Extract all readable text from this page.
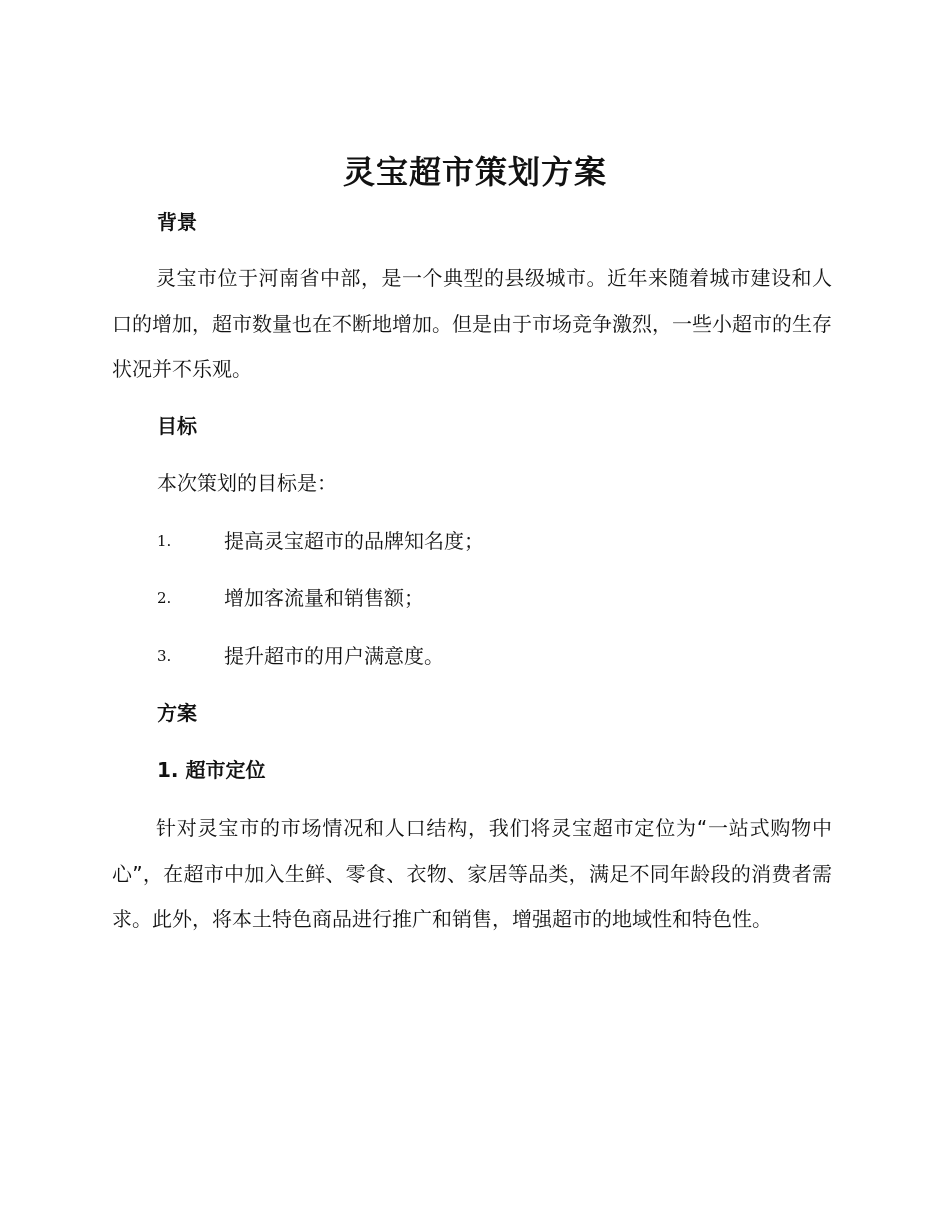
灵宝超市策划方案
背景

灵宝市位于河南省中部，是一个典型的县级城市。近年来随着城市建设和人口的增加，超市数量也在不断地增加。但是由于市场竞争激烈，一些小超市的生存状况并不乐观。

目标

本次策划的目标是：

1.	提高灵宝超市的品牌知名度；
2.	增加客流量和销售额；
3.	提升超市的用户满意度。
方案
1. 超市定位

针对灵宝市的市场情况和人口结构，我们将灵宝超市定位为“一站式购物中心”，在超市中加入生鲜、零食、衣物、家居等品类，满足不同年龄段的消费者需求。此外，将本土特色商品进行推广和销售，增强超市的地域性和特色性。
